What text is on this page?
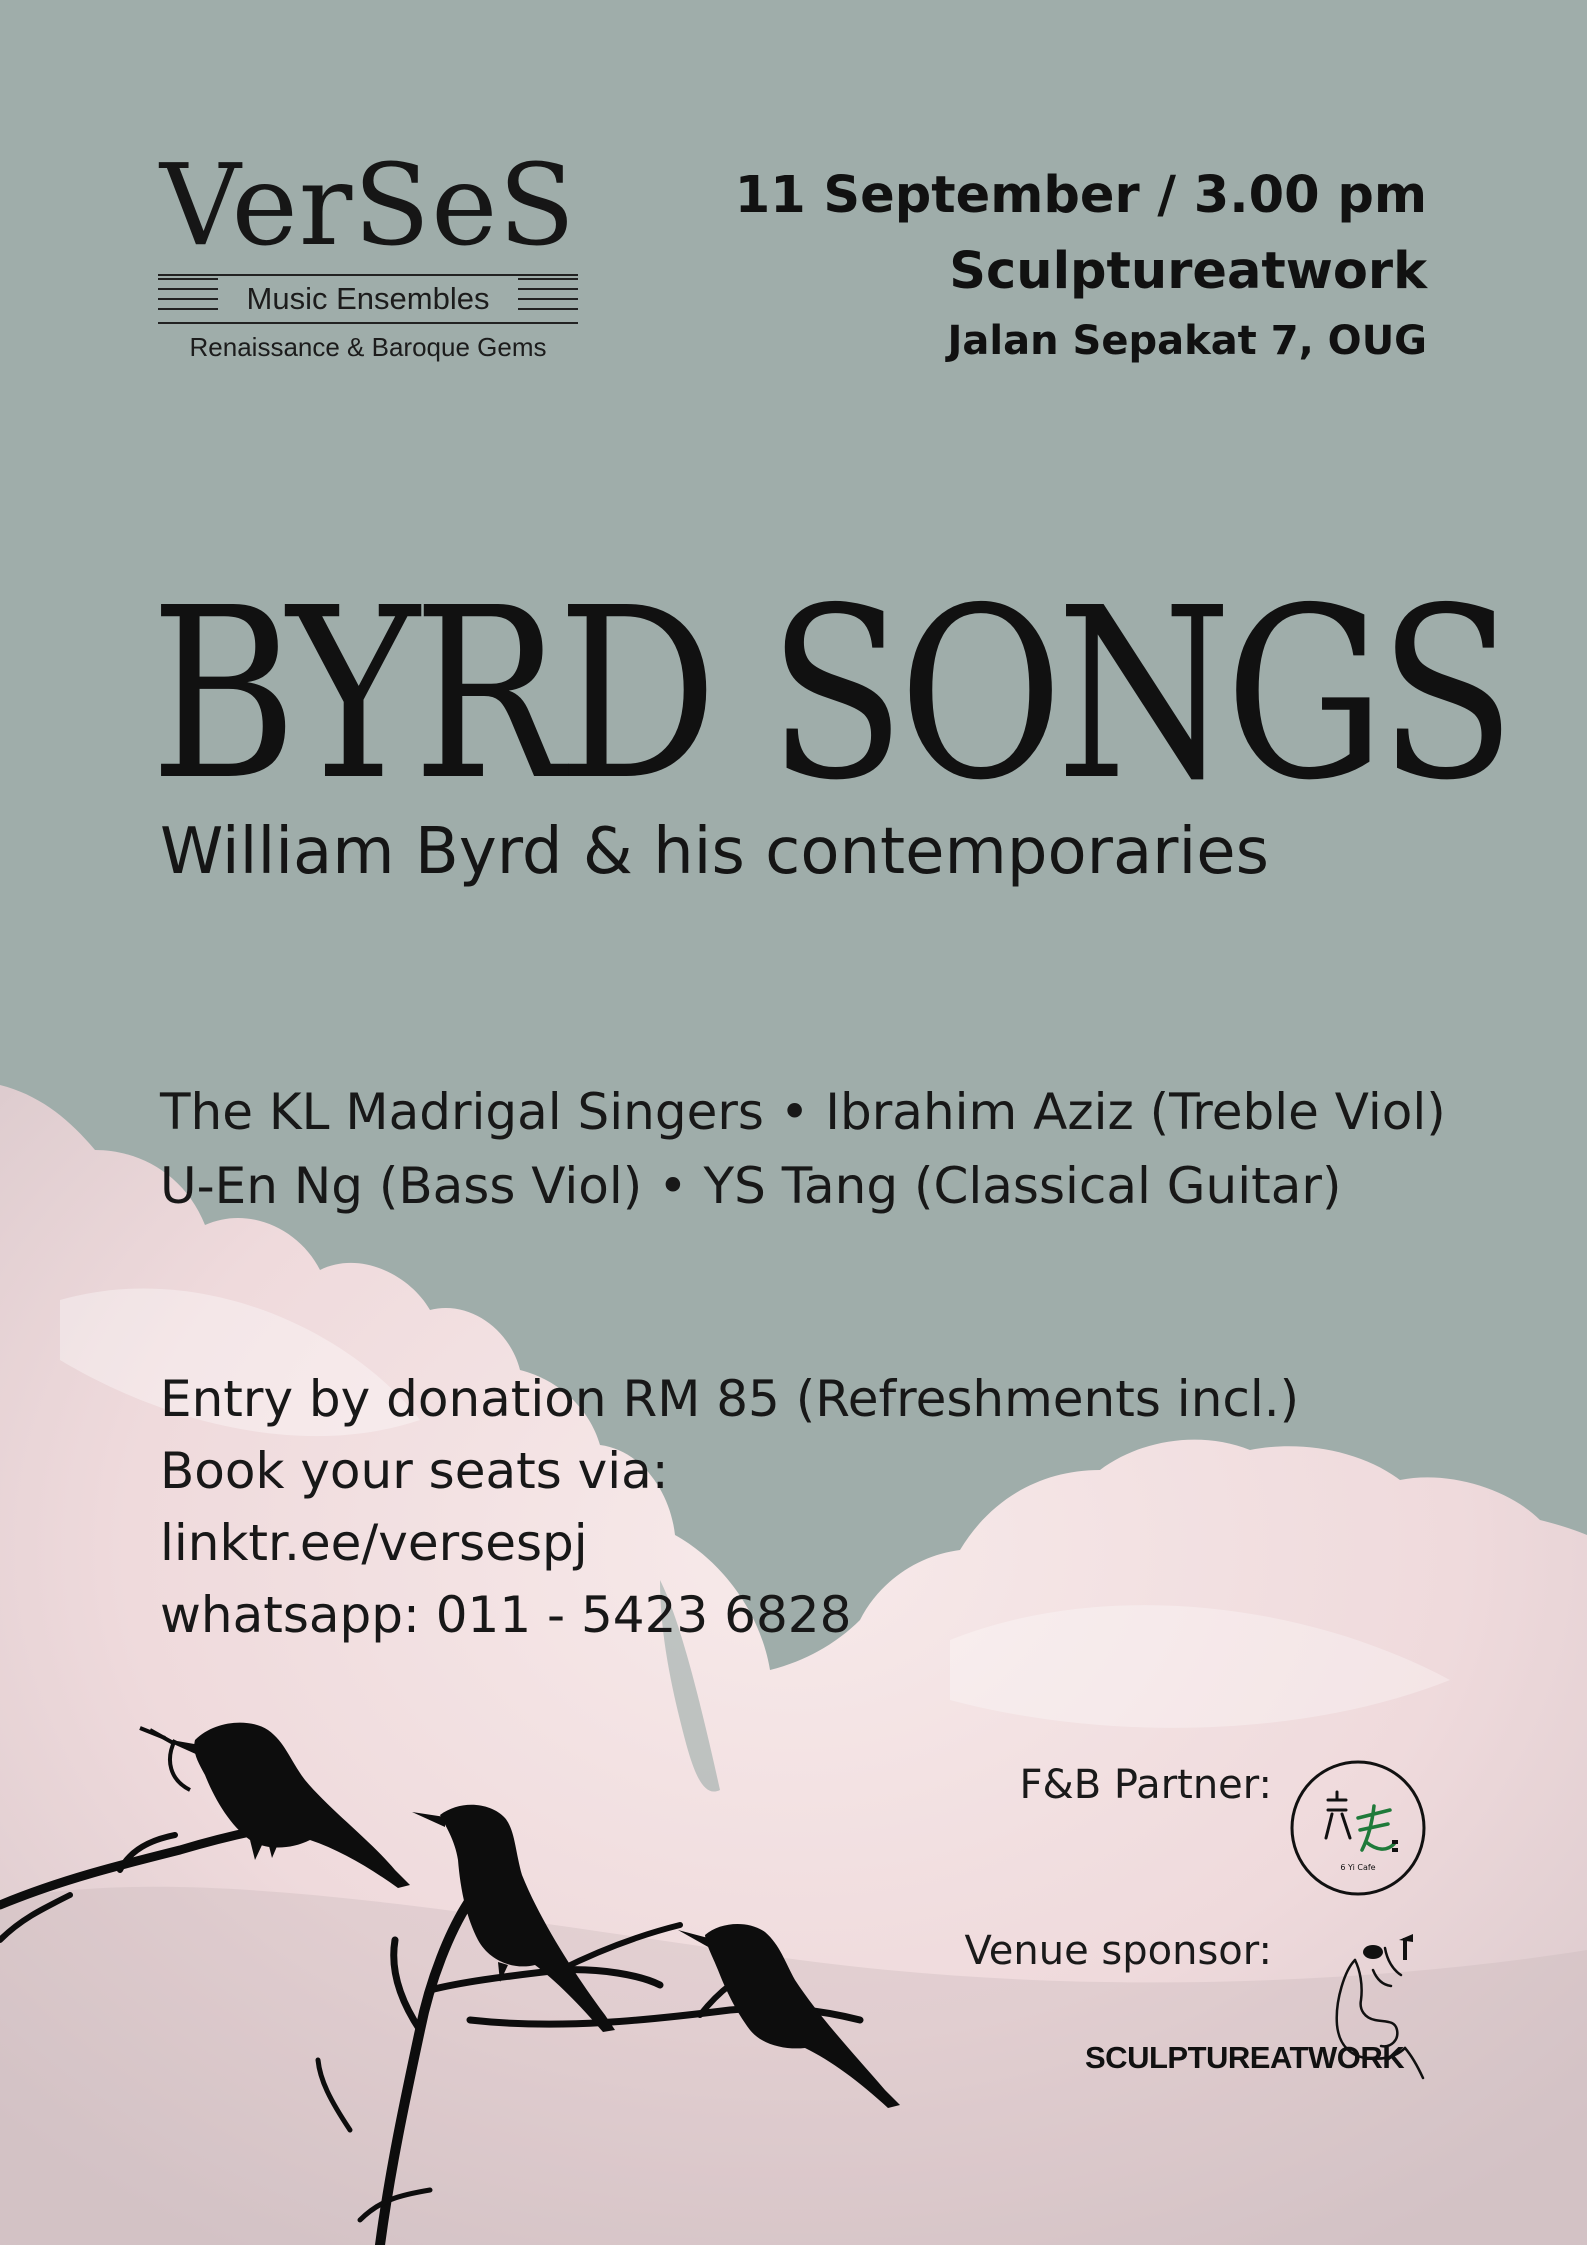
VerSeS
Music Ensembles
Renaissance & Baroque Gems
11 September / 3.00 pm
Sculptureatwork
Jalan Sepakat 7, OUG
BYRD SONGS
William Byrd & his contemporaries
The KL Madrigal Singers • Ibrahim Aziz (Treble Viol)
U-En Ng (Bass Viol) • YS Tang (Classical Guitar)
Entry by donation RM 85 (Refreshments incl.)
Book your seats via:
linktr.ee/versespj
whatsapp: 011 - 5423 6828
F&B Partner:
6 Yi Cafe
Venue sponsor:
SCULPTUREATWORK
